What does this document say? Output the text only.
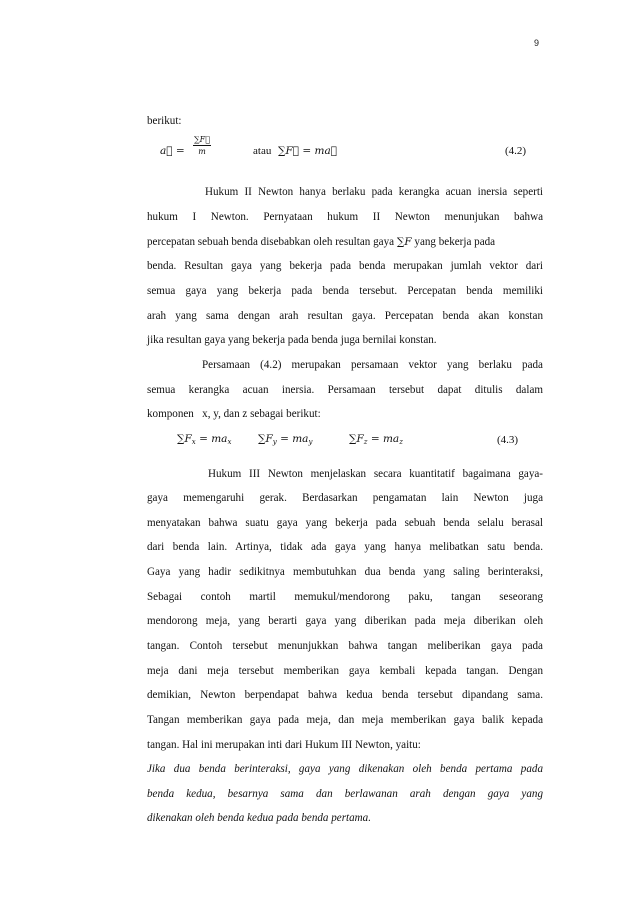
9
berikut:
a⃗ = $\frac{\sum F⃗}{m}$	atau ∑F⃗ = ma⃗	(4.2)
Hukum II Newton hanya berlaku pada kerangka acuan inersia seperti
hukum I Newton. Pernyataan hukum II Newton menunjukan bahwa
percepatan sebuah benda disebabkan oleh resultan gaya ∑F yang bekerja pada
benda. Resultan gaya yang bekerja pada benda merupakan jumlah vektor dari
semua gaya yang bekerja pada benda tersebut. Percepatan benda memiliki
arah yang sama dengan arah resultan gaya. Percepatan benda akan konstan
jika resultan gaya yang bekerja pada benda juga bernilai konstan.
Persamaan (4.2) merupakan persamaan vektor yang berlaku pada
semua kerangka acuan inersia. Persamaan tersebut dapat ditulis dalam
komponen   x, y, dan z sebagai berikut:
$\sum F_x = ma_x$	$\sum F_y = ma_y$	$\sum F_z = ma_z$	(4.3)
Hukum III Newton menjelaskan secara kuantitatif bagaimana gaya-
gaya memengaruhi gerak. Berdasarkan pengamatan lain Newton juga
menyatakan bahwa suatu gaya yang bekerja pada sebuah benda selalu berasal
dari benda lain. Artinya, tidak ada gaya yang hanya melibatkan satu benda.
Gaya yang hadir sedikitnya membutuhkan dua benda yang saling berinteraksi,
Sebagai contoh martil memukul/mendorong paku, tangan seseorang
mendorong meja, yang berarti gaya yang diberikan pada meja diberikan oleh
tangan. Contoh tersebut menunjukkan bahwa tangan meliberikan gaya pada
meja dani meja tersebut memberikan gaya kembali kepada tangan. Dengan
demikian, Newton berpendapat bahwa kedua benda tersebut dipandang sama.
Tangan memberikan gaya pada meja, dan meja memberikan gaya balik kepada
tangan. Hal ini merupakan inti dari Hukum III Newton, yaitu:
Jika dua benda berinteraksi, gaya yang dikenakan oleh benda pertama pada
benda kedua, besarnya sama dan berlawanan arah dengan gaya yang
dikenakan oleh benda kedua pada benda pertama.
